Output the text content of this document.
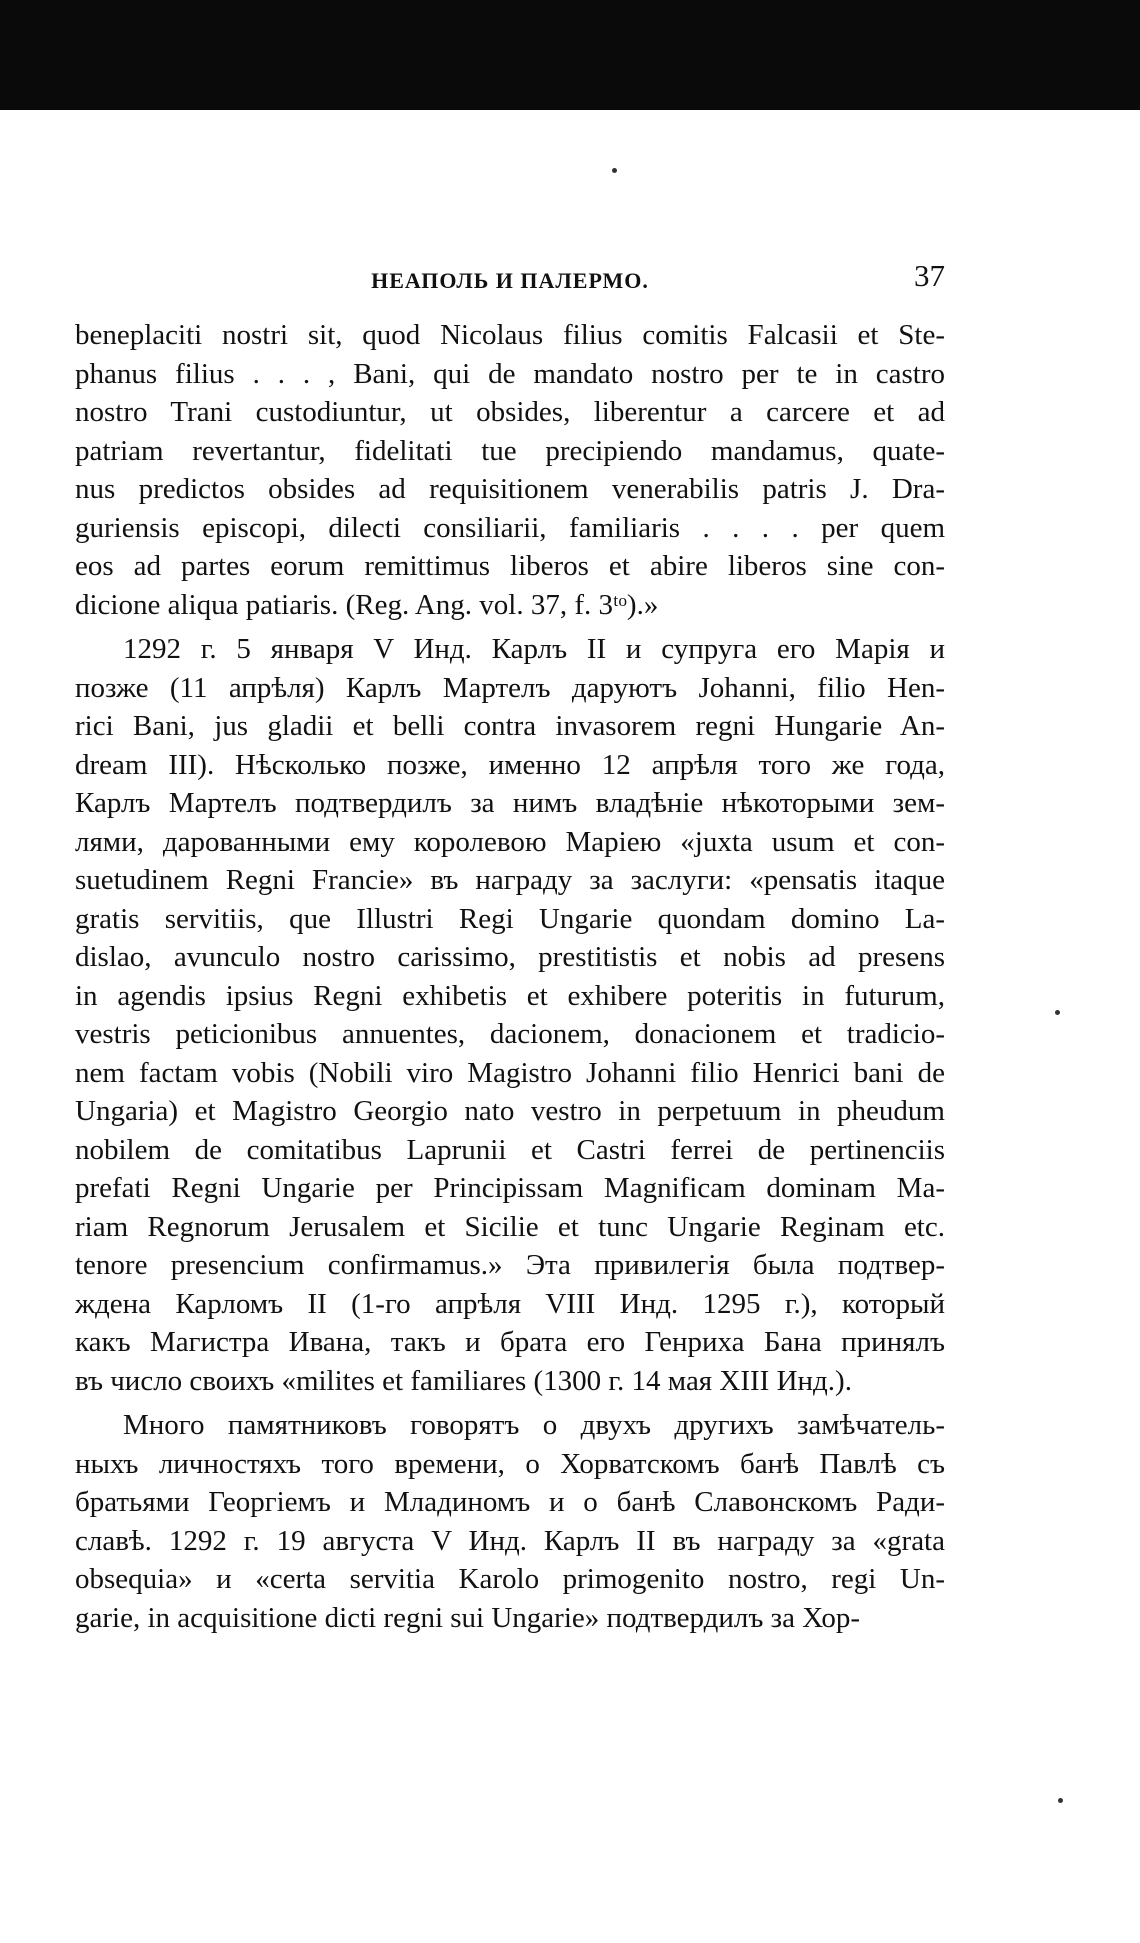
НЕАПОЛЬ И ПАЛЕРМО.	37

beneplaciti nostri sit, quod Nicolaus filius comitis Falcasii et Ste-
phanus filius . . . , Bani, qui de mandato nostro per te in castro
nostro Trani custodiuntur, ut obsides, liberentur a carcere et ad
patriam revertantur, fidelitati tue precipiendo mandamus, quate-
nus predictos obsides ad requisitionem venerabilis patris J. Dra-
guriensis episcopi, dilecti consiliarii, familiaris . . . . per quem
eos ad partes eorum remittimus liberos et abire liberos sine con-
dicione aliqua patiaris. (Reg. Ang. vol. 37, f. 3ᵗᵒ).»

1292 г. 5 января V Инд. Карлъ II и супруга его Марія и
позже (11 апрѣля) Карлъ Мартелъ даруютъ Johanni, filio Hen-
rici Bani, jus gladii et belli contra invasorem regni Hungarie An-
dream III). Нѣсколько позже, именно 12 апрѣля того же года,
Карлъ Мартелъ подтвердилъ за нимъ владѣніе нѣкоторыми зем-
лями, дарованными ему королевою Маріею «juxta usum et con-
suetudinem Regni Francie» въ награду за заслуги: «pensatis itaque
gratis servitiis, que Illustri Regi Ungarie quondam domino La-
dislao, avunculo nostro carissimo, prestitistis et nobis ad presens
in agendis ipsius Regni exhibetis et exhibere poteritis in futurum,
vestris peticionibus annuentes, dacionem, donacionem et tradicio-
nem factam vobis (Nobili viro Magistro Johanni filio Henrici bani de
Ungaria) et Magistro Georgio nato vestro in perpetuum in pheudum
nobilem de comitatibus Laprunii et Castri ferrei de pertinenciis
prefati Regni Ungarie per Principissam Magnificam dominam Ma-
riam Regnorum Jerusalem et Sicilie et tunc Ungarie Reginam etc.
tenore presencium confirmamus.» Эта привилегія была подтвер-
ждена Карломъ II (1-го апрѣля VIII Инд. 1295 г.), который
какъ Магистра Ивана, такъ и брата его Генриха Бана принялъ
въ число своихъ «milites et familiares (1300 г. 14 мая XIII Инд.).

Много памятниковъ говорятъ о двухъ другихъ замѣчатель-
ныхъ личностяхъ того времени, о Хорватскомъ банѣ Павлѣ съ
братьями Георгіемъ и Младиномъ и о банѣ Славонскомъ Ради-
славѣ. 1292 г. 19 августа V Инд. Карлъ II въ награду за «grata
obsequia» и «certa servitia Karolo primogenito nostro, regi Un-
garie, in acquisitione dicti regni sui Ungarie» подтвердилъ за Хор-
